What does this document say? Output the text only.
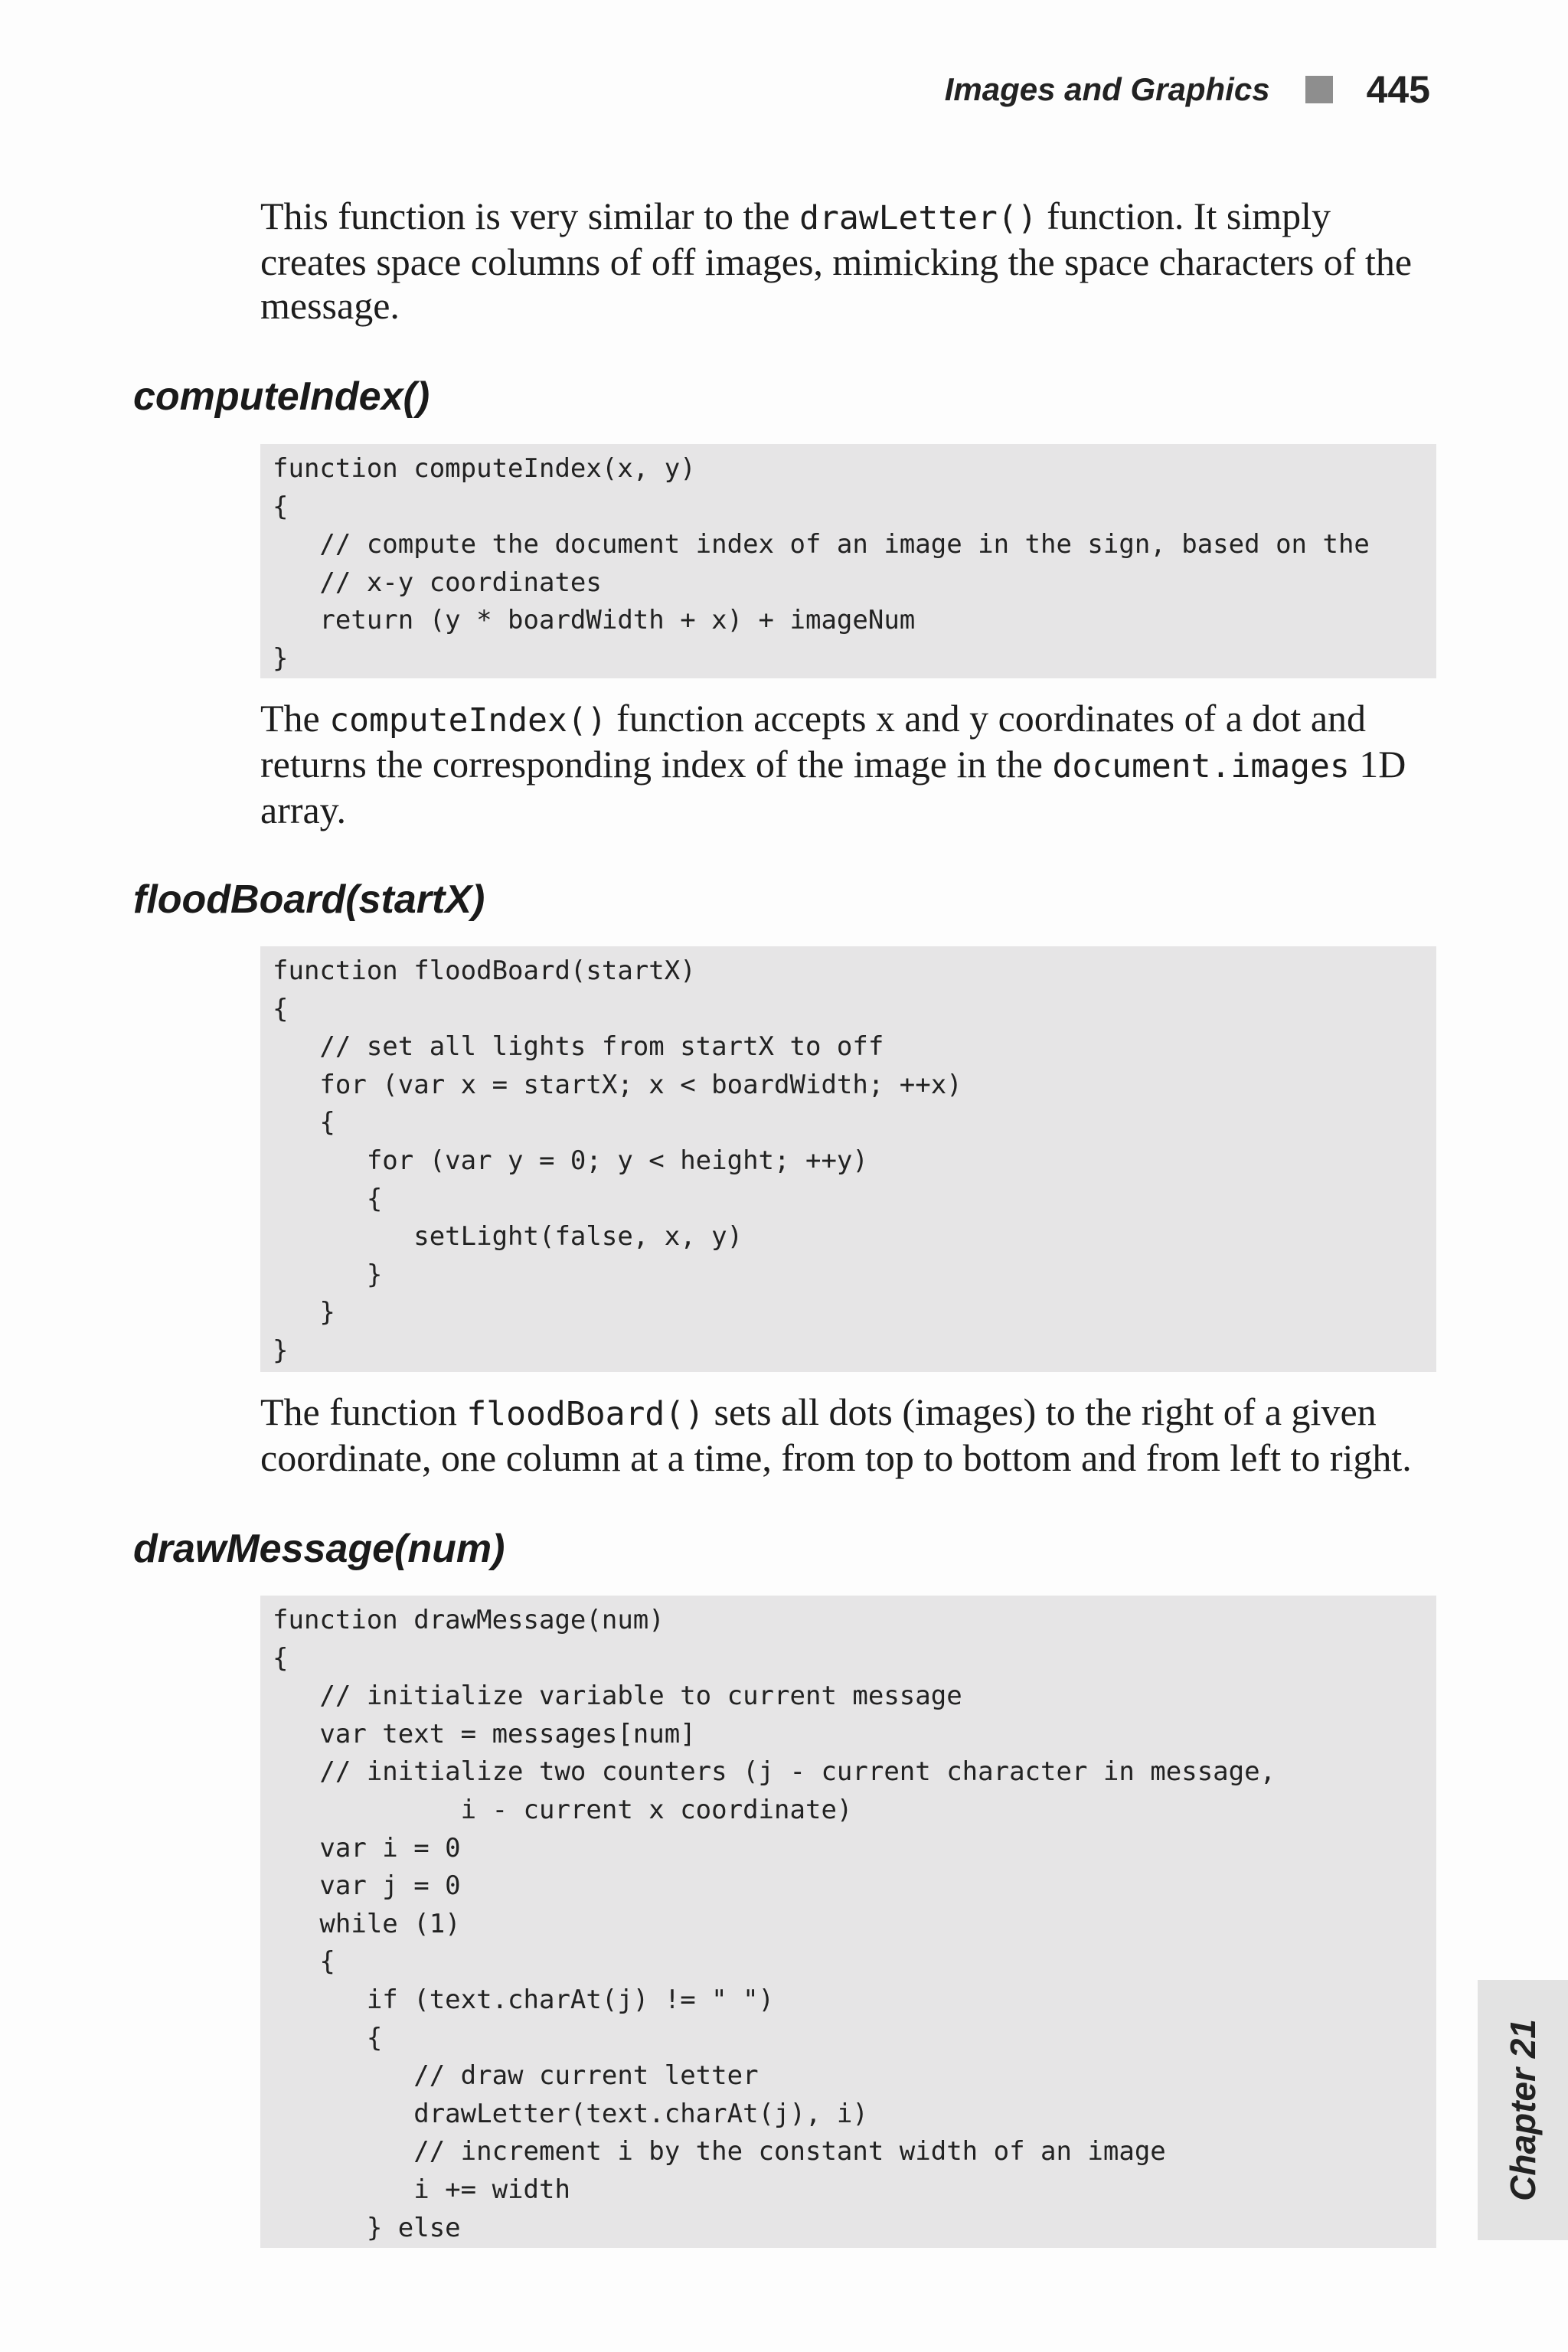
Images and Graphics	445

This function is very similar to the drawLetter() function. It simply creates space columns of off images, mimicking the space characters of the message.

computeIndex()
function computeIndex(x, y)
{
// compute the document index of an image in the sign, based on the
// x-y coordinates
return (y * boardWidth + x) + imageNum
}

The computeIndex() function accepts x and y coordinates of a dot and returns the corresponding index of the image in the document.images 1D array.

floodBoard(startX)
function floodBoard(startX)
{
// set all lights from startX to off
for (var x = startX; x < boardWidth; ++x)
{
for (var y = 0; y < height; ++y)
{
setLight(false, x, y)
}
}
}

The function floodBoard() sets all dots (images) to the right of a given coordinate, one column at a time, from top to bottom and from left to right.

drawMessage(num)
function drawMessage(num)
{
// initialize variable to current message
var text = messages[num]
// initialize two counters (j - current character in message,
i - current x coordinate)
var i = 0
var j = 0
while (1)
{
if (text.charAt(j) != " ")
{
// draw current letter
drawLetter(text.charAt(j), i)
// increment i by the constant width of an image
i += width
} else
Chapter 21
